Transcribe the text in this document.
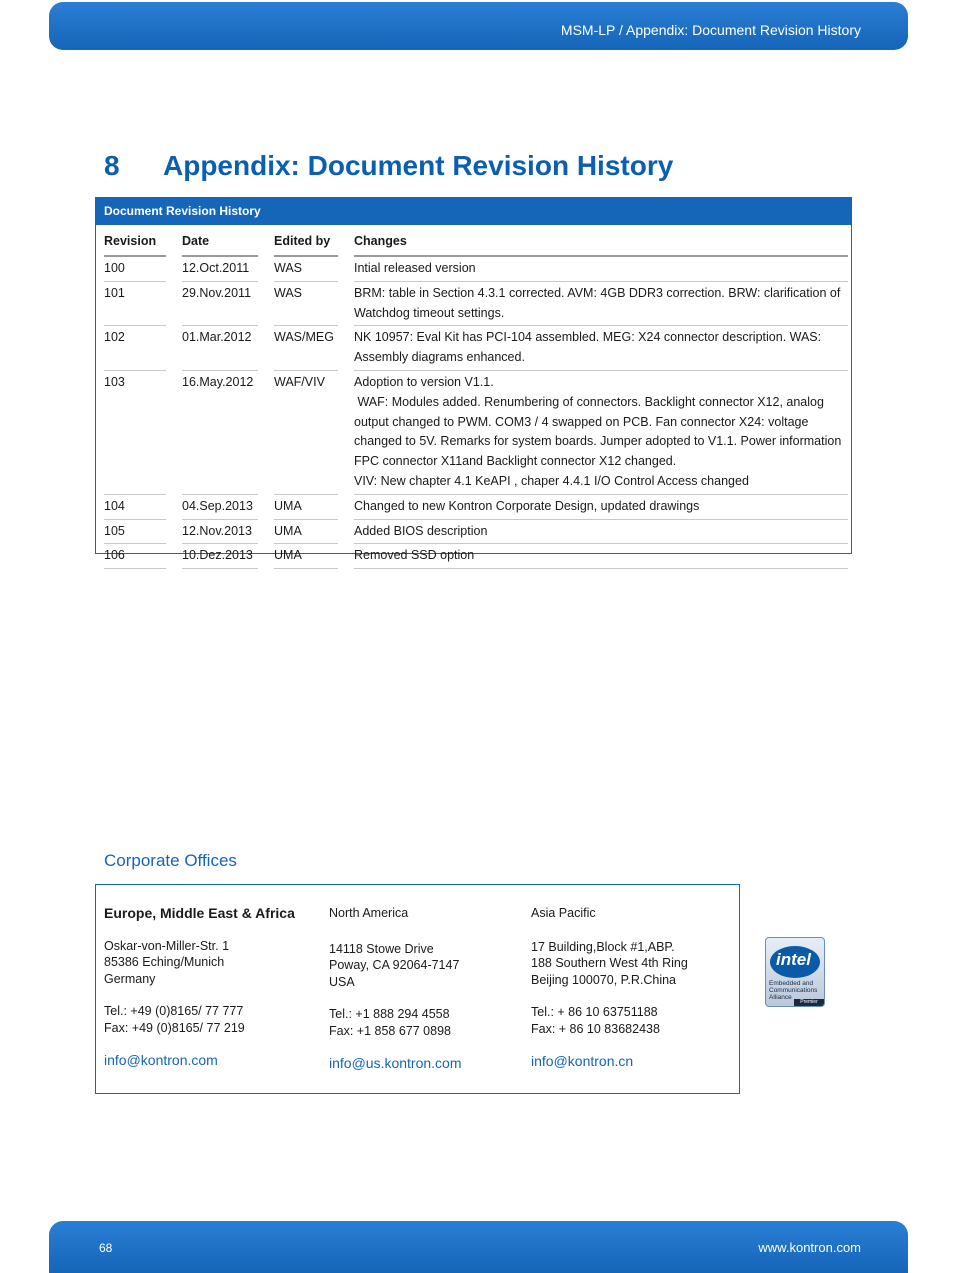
MSM-LP / Appendix: Document Revision History
8 Appendix: Document Revision History
Document Revision History
Revision		Date		Edited by		Changes
100		12.Oct.2011		WAS		Intial released version

101		29.Nov.2011		WAS		BRM: table in Section 4.3.1 corrected. AVM: 4GB DDR3 correction. BRW: clarification of Watchdog timeout settings.

102		01.Mar.2012		WAS/MEG		NK 10957: Eval Kit has PCI-104 assembled. MEG: X24 connector description. WAS: Assembly diagrams enhanced.

103		16.May.2012		WAF/VIV		Adoption to version V1.1.
WAF: Modules added. Renumbering of connectors. Backlight connector X12, analog output changed to PWM. COM3 / 4 swapped on PCB. Fan connector X24: voltage changed to 5V. Remarks for system boards. Jumper adopted to V1.1. Power information FPC connector X11and Backlight connector X12 changed.
VIV: New chapter 4.1 KeAPI , chaper 4.4.1 I/O Control Access changed

104		04.Sep.2013		UMA		Changed to new Kontron Corporate Design, updated drawings

105		12.Nov.2013		UMA		Added BIOS description

106		10.Dez.2013		UMA		Removed SSD option
Corporate Offices
Europe, Middle East & Africa
Oskar-von-Miller-Str. 1
85386 Eching/Munich
Germany
Tel.: +49 (0)8165/ 77 777
Fax: +49 (0)8165/ 77 219
info@kontron.com
North America
14118 Stowe Drive
Poway, CA 92064-7147
USA
Tel.: +1 888 294 4558
Fax: +1 858 677 0898
info@us.kontron.com
Asia Pacific
17 Building,Block #1,ABP.
188 Southern West 4th Ring
Beijing 100070, P.R.China
Tel.: + 86 10 63751188
Fax: + 86 10 83682438
info@kontron.cn
intel
Embedded and
Communications
Alliance
Premier
68	www.kontron.com
